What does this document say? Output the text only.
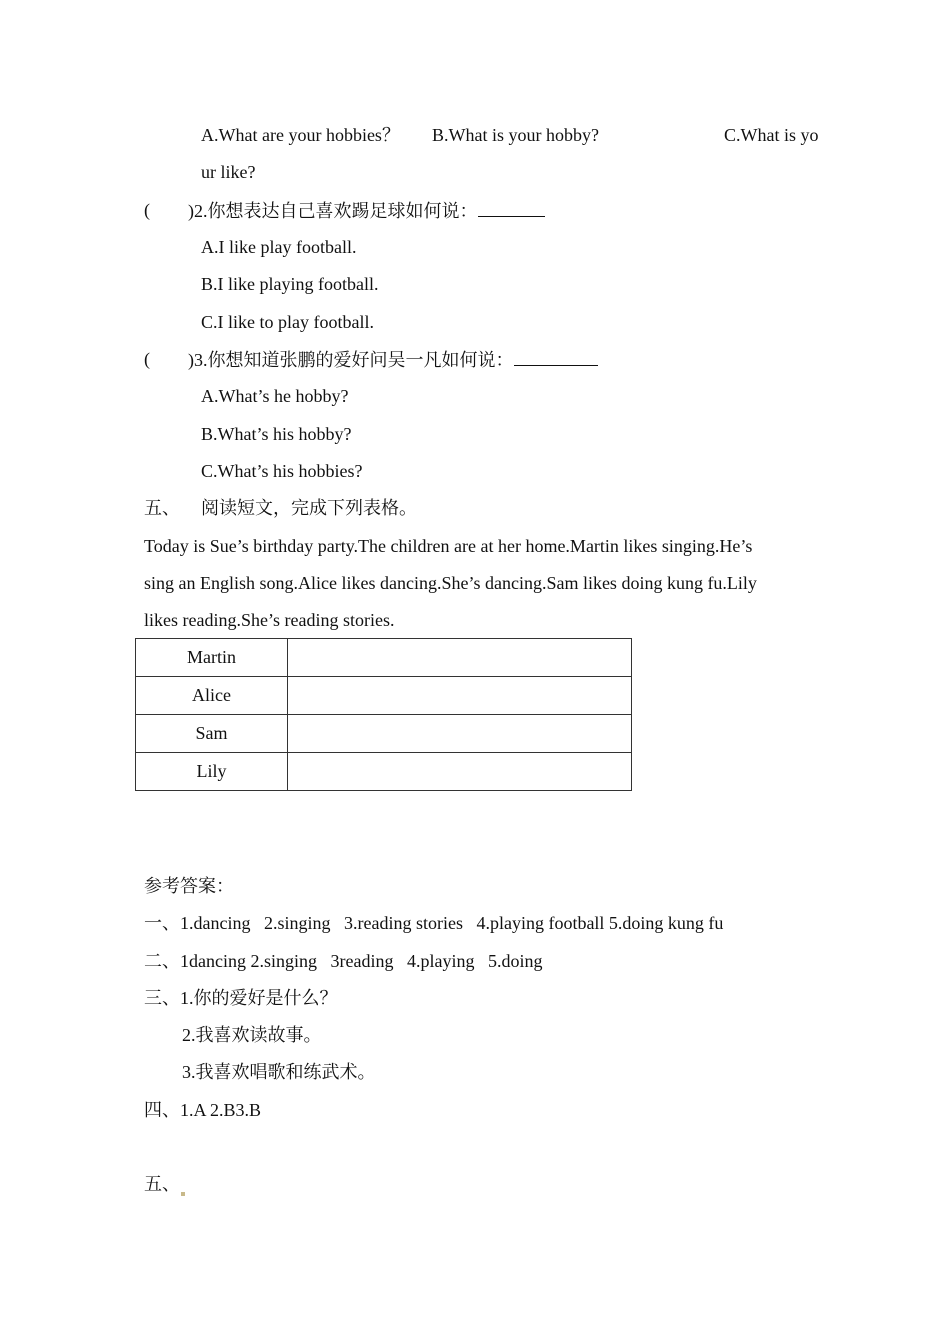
A.What are your hobbies？ B.What is your hobby?	C.What is yo
ur like?
( )2.你想表达自己喜欢踢足球如何说：
A.I like play football.
B.I like playing football.
C.I like to play football.
( )3.你想知道张鹏的爱好问吴一凡如何说：
A.What’s he hobby?
B.What’s his hobby?
C.What’s his hobbies?
五、 阅读短文，完成下列表格。
Today is Sue’s birthday party.The children are at her home.Martin likes singing.He’s
sing an English song.Alice likes dancing.She’s dancing.Sam likes doing kung fu.Lily
likes reading.She’s reading stories.
Martin	
Alice	
Sam	
Lily	
参考答案：
一、1.dancing   2.singing   3.reading stories   4.playing football 5.doing kung fu
二、1dancing 2.singing   3reading   4.playing   5.doing
三、1.你的爱好是什么？
2.我喜欢读故事。
3.我喜欢唱歌和练武术。
四、1.A 2.B3.B
五、
